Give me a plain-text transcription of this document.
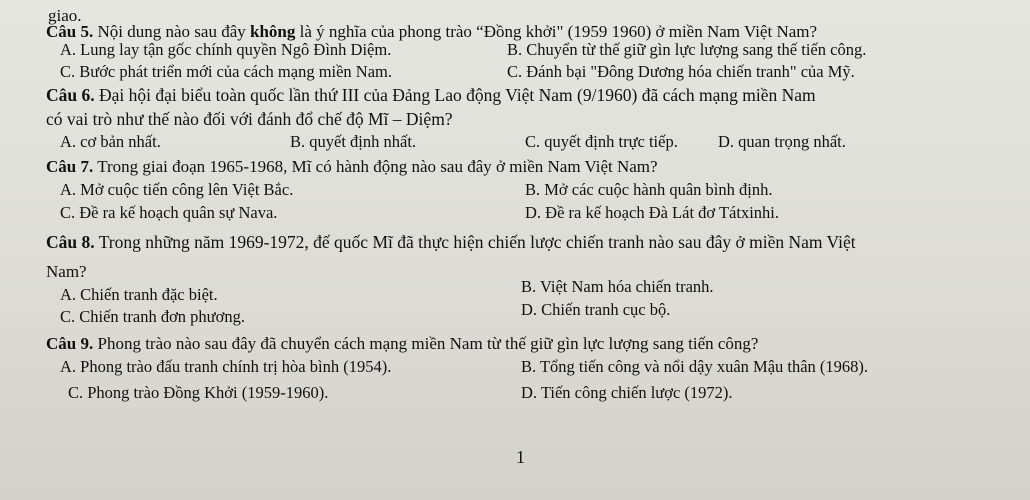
giao.
Câu 5. Nội dung nào sau đây không là ý nghĩa của phong trào “Đồng khởi" (1959 1960) ở miền Nam Việt Nam?
A. Lung lay tận gốc chính quyền Ngô Đình Diệm.	B. Chuyển từ thế giữ gìn lực lượng sang thế tiến công.
C. Bước phát triển mới của cách mạng miền Nam.	C. Đánh bại "Đông Dương hóa chiến tranh" của Mỹ.
Câu 6. Đại hội đại biểu toàn quốc lần thứ III của Đảng Lao động Việt Nam (9/1960) đã cách mạng miền Nam
có vai trò như thế nào đối với đánh đổ chế độ Mĩ – Diệm?
A. cơ bản nhất.	B. quyết định nhất.	C. quyết định trực tiếp. D. quan trọng nhất.
Câu 7. Trong giai đoạn 1965-1968, Mĩ có hành động nào sau đây ở miền Nam Việt Nam?
A. Mở cuộc tiến công lên Việt Bắc.	B. Mở các cuộc hành quân bình định.
C. Đề ra kế hoạch quân sự Nava.	D. Đề ra kế hoạch Đà Lát đơ Tátxinhi.
Câu 8. Trong những năm 1969-1972, đế quốc Mĩ đã thực hiện chiến lược chiến tranh nào sau đây ở miền Nam Việt
Nam?
A. Chiến tranh đặc biệt.	B. Việt Nam hóa chiến tranh.
C. Chiến tranh đơn phương.	D. Chiến tranh cục bộ.
Câu 9. Phong trào nào sau đây đã chuyển cách mạng miền Nam từ thế giữ gìn lực lượng sang tiến công?
A. Phong trào đấu tranh chính trị hòa bình (1954).	B. Tổng tiến công và nổi dậy xuân Mậu thân (1968).
C. Phong trào Đồng Khởi (1959-1960).	D. Tiến công chiến lược (1972).
1
